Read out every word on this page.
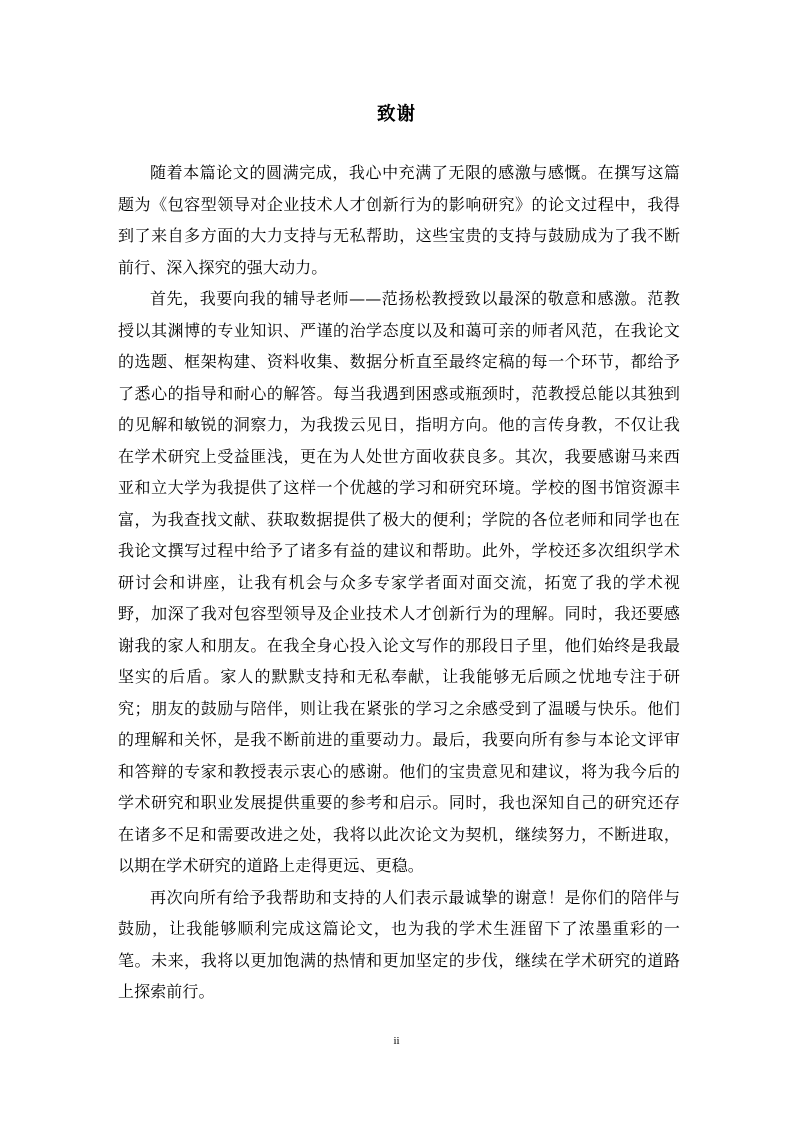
致谢

随着本篇论文的圆满完成，我心中充满了无限的感激与感慨。在撰写这篇题为《包容型领导对企业技术人才创新行为的影响研究》的论文过程中，我得到了来自多方面的大力支持与无私帮助，这些宝贵的支持与鼓励成为了我不断前行、深入探究的强大动力。

首先，我要向我的辅导老师——范扬松教授致以最深的敬意和感激。范教授以其渊博的专业知识、严谨的治学态度以及和蔼可亲的师者风范，在我论文的选题、框架构建、资料收集、数据分析直至最终定稿的每一个环节，都给予了悉心的指导和耐心的解答。每当我遇到困惑或瓶颈时，范教授总能以其独到的见解和敏锐的洞察力，为我拨云见日，指明方向。他的言传身教，不仅让我在学术研究上受益匪浅，更在为人处世方面收获良多。其次，我要感谢马来西亚和立大学为我提供了这样一个优越的学习和研究环境。学校的图书馆资源丰富，为我查找文献、获取数据提供了极大的便利；学院的各位老师和同学也在我论文撰写过程中给予了诸多有益的建议和帮助。此外，学校还多次组织学术研讨会和讲座，让我有机会与众多专家学者面对面交流，拓宽了我的学术视野，加深了我对包容型领导及企业技术人才创新行为的理解。同时，我还要感谢我的家人和朋友。在我全身心投入论文写作的那段日子里，他们始终是我最坚实的后盾。家人的默默支持和无私奉献，让我能够无后顾之忧地专注于研究；朋友的鼓励与陪伴，则让我在紧张的学习之余感受到了温暖与快乐。他们的理解和关怀，是我不断前进的重要动力。最后，我要向所有参与本论文评审和答辩的专家和教授表示衷心的感谢。他们的宝贵意见和建议，将为我今后的学术研究和职业发展提供重要的参考和启示。同时，我也深知自己的研究还存在诸多不足和需要改进之处，我将以此次论文为契机，继续努力，不断进取，以期在学术研究的道路上走得更远、更稳。

再次向所有给予我帮助和支持的人们表示最诚挚的谢意！是你们的陪伴与鼓励，让我能够顺利完成这篇论文，也为我的学术生涯留下了浓墨重彩的一笔。未来，我将以更加饱满的热情和更加坚定的步伐，继续在学术研究的道路上探索前行。

ii
